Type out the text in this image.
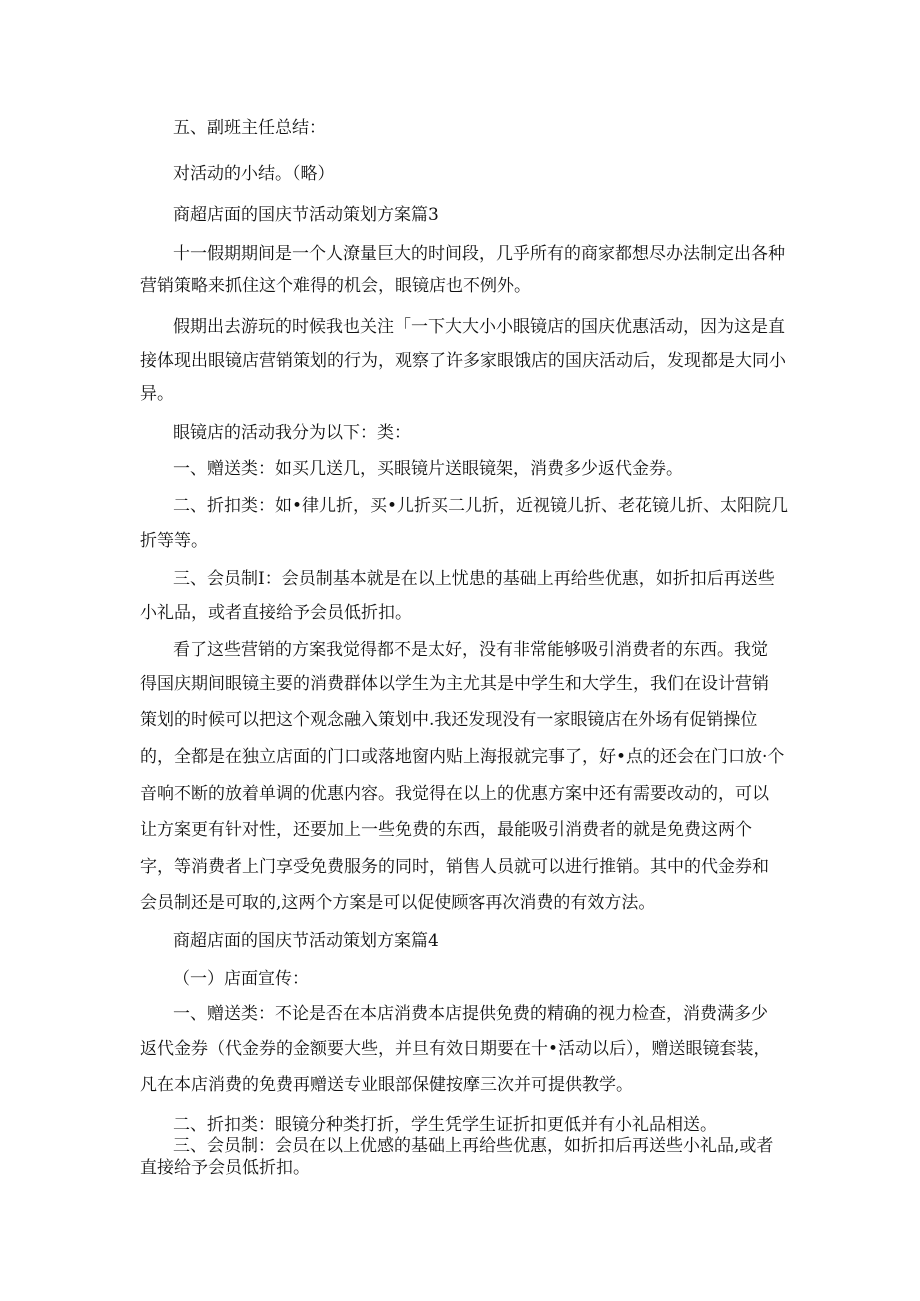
五、副班主任总结：
对活动的小结。（略）
商超店面的国庆节活动策划方案篇3
十一假期期间是一个人潦量巨大的时间段，几乎所有的商家都想尽办法制定出各种
营销策略来抓住这个难得的机会，眼镜店也不例外。
假期出去游玩的时候我也关注「一下大大小小眼镜店的国庆优惠活动，因为这是直
接体现出眼镜店营销策划的行为，观察了许多家眼饿店的国庆活动后，发现都是大同小
异。
眼镜店的活动我分为以下：类：
一、赠送类：如买几送几，买眼镜片送眼镜架，消费多少返代金券。
二、折扣类：如•律儿折，买•儿折买二儿折，近视镜儿折、老花镜儿折、太阳院几
折等等。
三、会员制I：会员制基本就是在以上忧患的基础上再给些优惠，如折扣后再送些
小礼品，或者直接给予会员低折扣。
看了这些营销的方案我觉得都不是太好，没有非常能够吸引消费者的东西。我觉
得国庆期间眼镜主要的消费群体以学生为主尤其是中学生和大学生，我们在设计营销
策划的时候可以把这个观念融入策划中.我还发现没有一家眼镜店在外场有促销操位
的，全都是在独立店面的门口或落地窗内贴上海报就完事了，好•点的还会在门口放·个
音响不断的放着单调的优惠内容。我觉得在以上的优惠方案中还有需要改动的，可以
让方案更有针对性，还要加上一些免费的东西，最能吸引消费者的就是免费这两个
字，等消费者上门享受免费服务的同时，销售人员就可以进行推销。其中的代金券和
会员制还是可取的,这两个方案是可以促使顾客再次消费的有效方法。
商超店面的国庆节活动策划方案篇4
（一）店面宣传：
一、赠送类：不论是否在本店消费本店提供免费的精确的视力检查，消费满多少
返代金券（代金券的金额要大些，并旦有效日期要在十•活动以后），赠送眼镜套装，
凡在本店消费的免费再赠送专业眼部保健按摩三次并可提供教学。
二、折扣类：眼镜分种类打折，学生凭学生证折扣更低并有小礼品相送。
三、会员制：会员在以上优感的基础上再给些优惠，如折扣后再送些小礼品,或者
直接给予会员低折扣。
